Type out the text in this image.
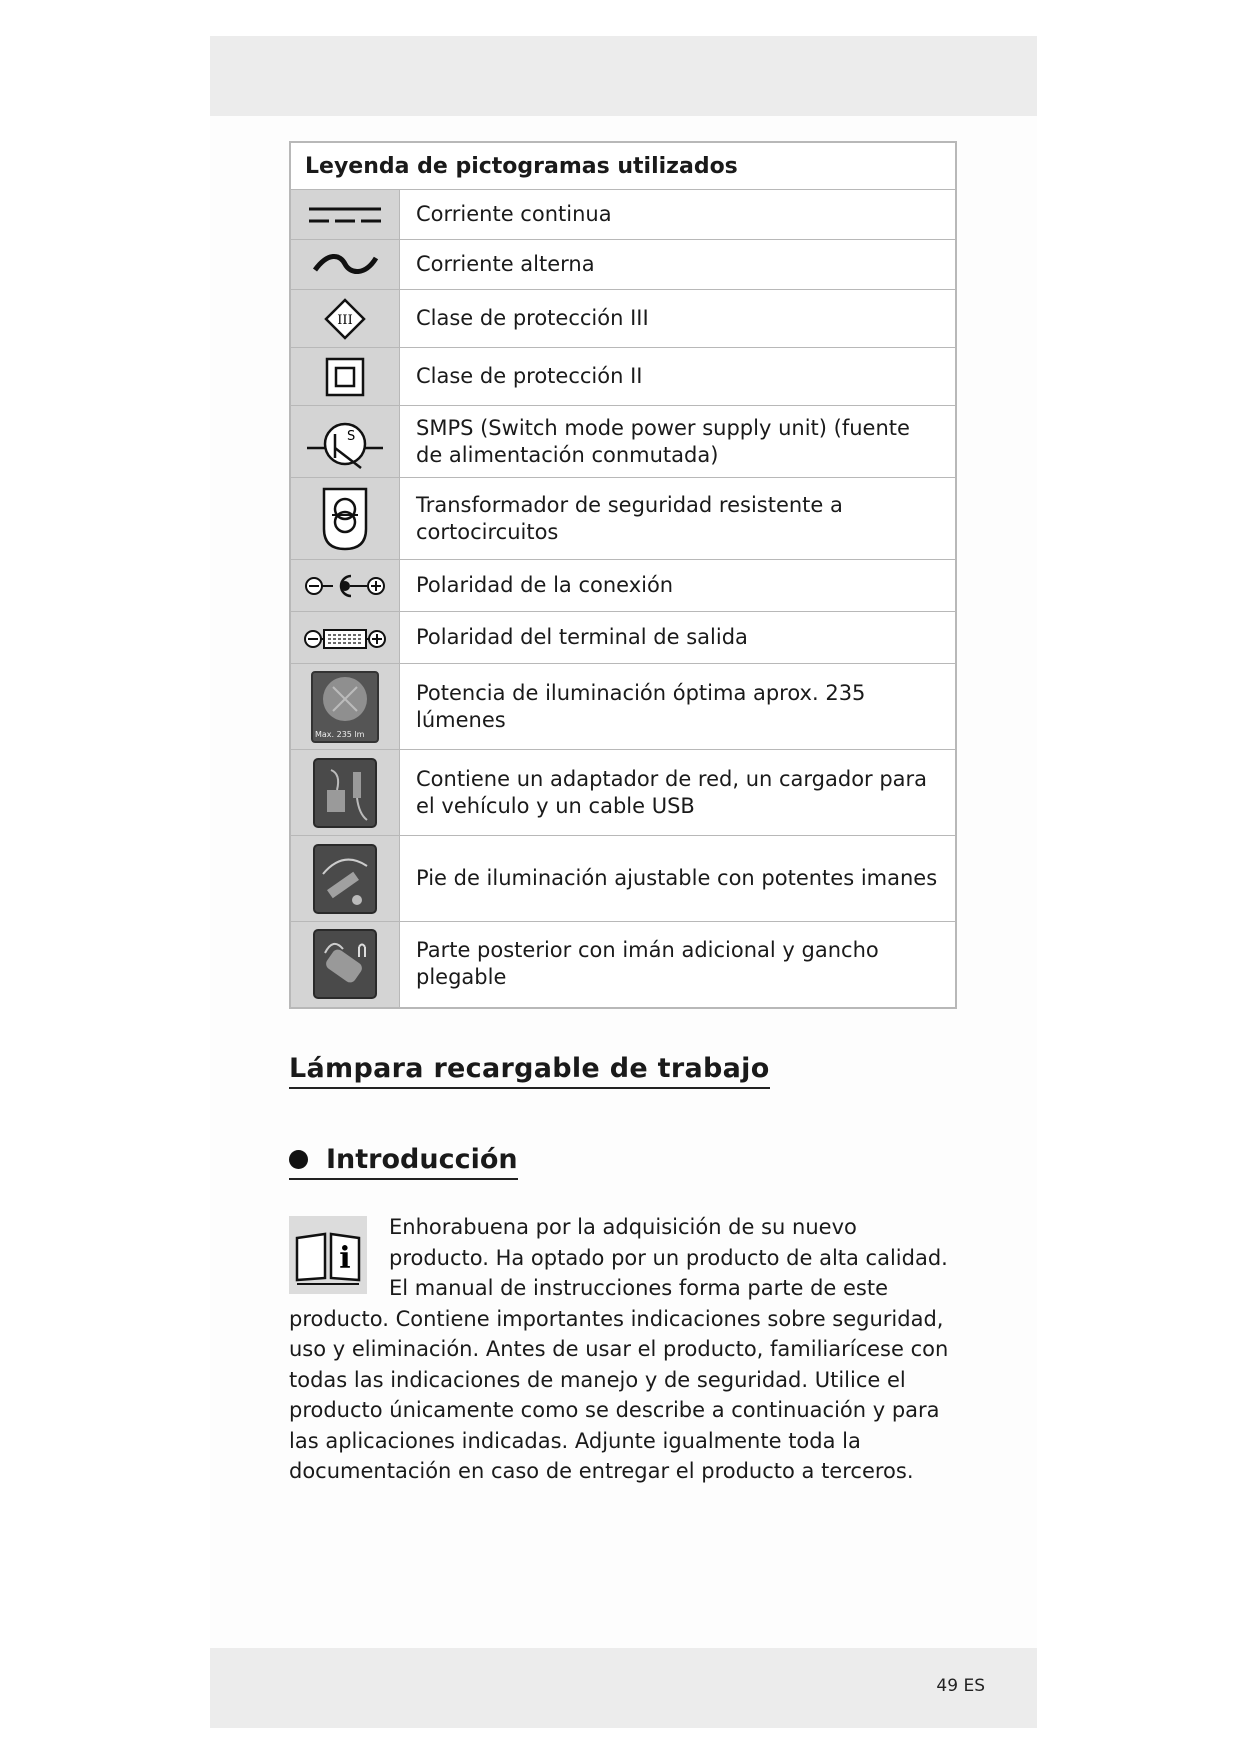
49 ES
Leyenda de pictogramas utilizados	

	Corriente continua

	Corriente alterna

III	Clase de protección III

	Clase de protección II

S	SMPS (Switch mode power supply unit) (fuente de alimentación conmutada)

	Transformador de seguridad resistente a cortocircuitos

	Polaridad de la conexión

	Polaridad del terminal de salida

Max. 235 lm	Potencia de iluminación óptima aprox. 235 lúmenes

	Contiene un adaptador de red, un cargador para el vehículo y un cable USB

	Pie de iluminación ajustable con potentes imanes

	Parte posterior con imán adicional y gancho plegable
Lámpara recargable de trabajo
Introducción
i

Enhorabuena por la adquisición de su nuevo producto. Ha optado por un producto de alta calidad. El manual de instrucciones forma parte de este producto. Contiene importantes indicaciones sobre seguridad, uso y eliminación. Antes de usar el producto, familiarícese con todas las indicaciones de manejo y de seguridad. Utilice el producto únicamente como se describe a continuación y para las aplicaciones indicadas. Adjunte igualmente toda la documentación en caso de entregar el producto a terceros.
